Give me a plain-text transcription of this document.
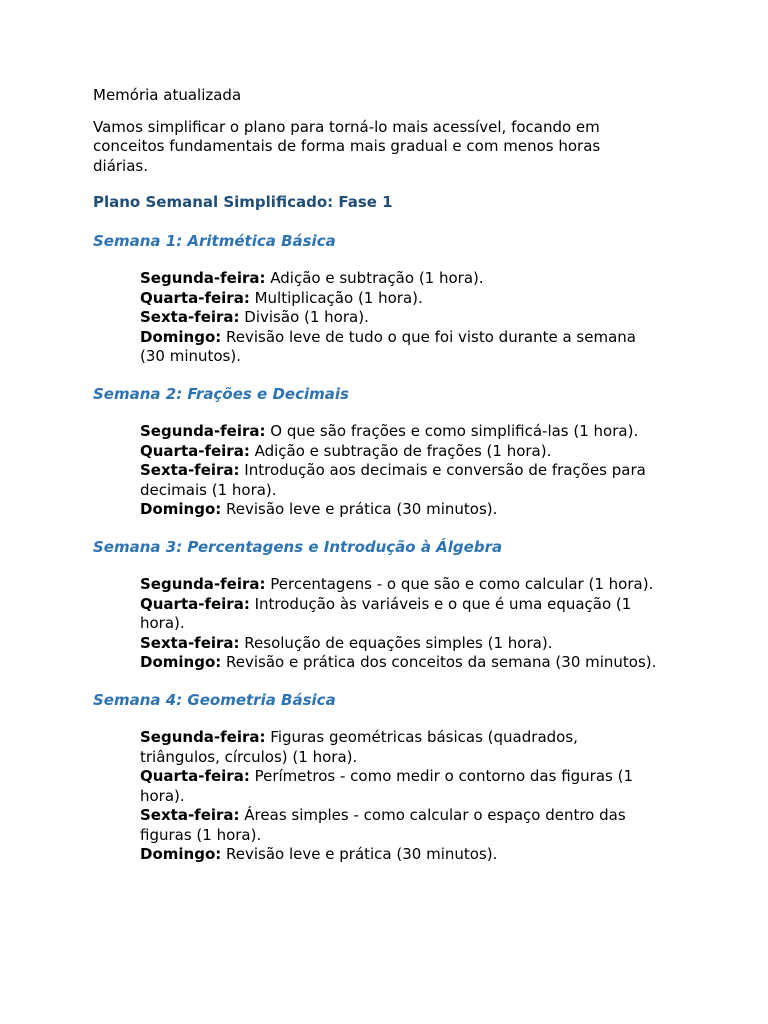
Memória atualizada

Vamos simplificar o plano para torná-lo mais acessível, focando em conceitos fundamentais de forma mais gradual e com menos horas diárias.

Plano Semanal Simplificado: Fase 1
Semana 1: Aritmética Básica
Segunda-feira: Adição e subtração (1 hora).
Quarta-feira: Multiplicação (1 hora).
Sexta-feira: Divisão (1 hora).
Domingo: Revisão leve de tudo o que foi visto durante a semana (30 minutos).
Semana 2: Frações e Decimais
Segunda-feira: O que são frações e como simplificá-las (1 hora).
Quarta-feira: Adição e subtração de frações (1 hora).
Sexta-feira: Introdução aos decimais e conversão de frações para decimais (1 hora).
Domingo: Revisão leve e prática (30 minutos).
Semana 3: Percentagens e Introdução à Álgebra
Segunda-feira: Percentagens - o que são e como calcular (1 hora).
Quarta-feira: Introdução às variáveis e o que é uma equação (1 hora).
Sexta-feira: Resolução de equações simples (1 hora).
Domingo: Revisão e prática dos conceitos da semana (30 minutos).
Semana 4: Geometria Básica
Segunda-feira: Figuras geométricas básicas (quadrados, triângulos, círculos) (1 hora).
Quarta-feira: Perímetros - como medir o contorno das figuras (1 hora).
Sexta-feira: Áreas simples - como calcular o espaço dentro das figuras (1 hora).
Domingo: Revisão leve e prática (30 minutos).
